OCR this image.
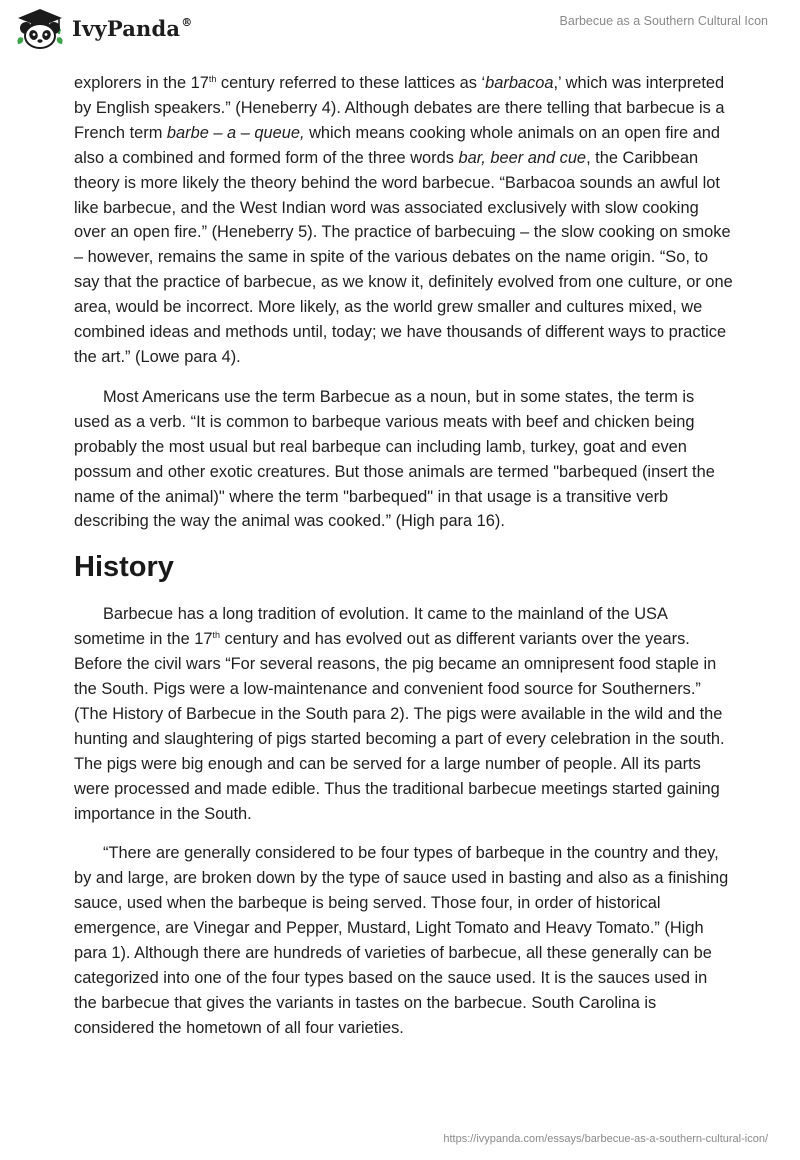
IvyPanda®	Barbecue as a Southern Cultural Icon

explorers in the 17th century referred to these lattices as ‘barbacoa,’ which was interpreted by English speakers.” (Heneberry 4). Although debates are there telling that barbecue is a French term barbe – a – queue, which means cooking whole animals on an open fire and also a combined and formed form of the three words bar, beer and cue, the Caribbean theory is more likely the theory behind the word barbecue. “Barbacoa sounds an awful lot like barbecue, and the West Indian word was associated exclusively with slow cooking over an open fire.” (Heneberry 5). The practice of barbecuing – the slow cooking on smoke – however, remains the same in spite of the various debates on the name origin. “So, to say that the practice of barbecue, as we know it, definitely evolved from one culture, or one area, would be incorrect. More likely, as the world grew smaller and cultures mixed, we combined ideas and methods until, today; we have thousands of different ways to practice the art.” (Lowe para 4).

Most Americans use the term Barbecue as a noun, but in some states, the term is used as a verb. “It is common to barbeque various meats with beef and chicken being probably the most usual but real barbeque can including lamb, turkey, goat and even possum and other exotic creatures. But those animals are termed "barbequed (insert the name of the animal)" where the term "barbequed" in that usage is a transitive verb describing the way the animal was cooked.” (High para 16).

History

Barbecue has a long tradition of evolution. It came to the mainland of the USA sometime in the 17th century and has evolved out as different variants over the years. Before the civil wars “For several reasons, the pig became an omnipresent food staple in the South. Pigs were a low-maintenance and convenient food source for Southerners.” (The History of Barbecue in the South para 2). The pigs were available in the wild and the hunting and slaughtering of pigs started becoming a part of every celebration in the south. The pigs were big enough and can be served for a large number of people. All its parts were processed and made edible. Thus the traditional barbecue meetings started gaining importance in the South.

“There are generally considered to be four types of barbeque in the country and they, by and large, are broken down by the type of sauce used in basting and also as a finishing sauce, used when the barbeque is being served. Those four, in order of historical emergence, are Vinegar and Pepper, Mustard, Light Tomato and Heavy Tomato.” (High para 1). Although there are hundreds of varieties of barbecue, all these generally can be categorized into one of the four types based on the sauce used. It is the sauces used in the barbecue that gives the variants in tastes on the barbecue. South Carolina is considered the hometown of all four varieties.

https://ivypanda.com/essays/barbecue-as-a-southern-cultural-icon/
